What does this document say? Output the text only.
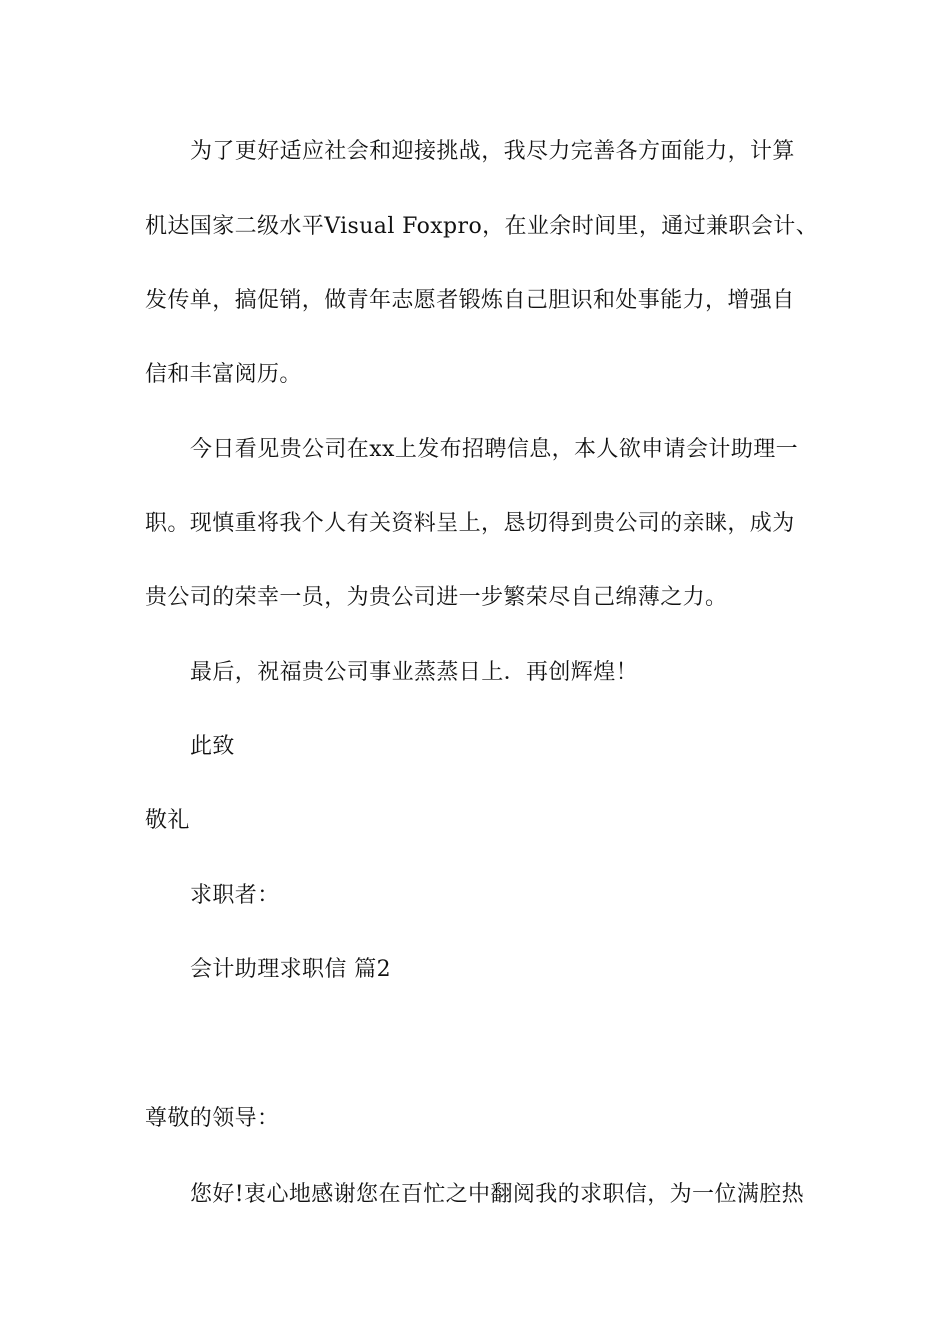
为了更好适应社会和迎接挑战，我尽力完善各方面能力，计算
机达国家二级水平Visual Foxpro，在业余时间里，通过兼职会计、
发传单，搞促销，做青年志愿者锻炼自己胆识和处事能力，增强自
信和丰富阅历。
今日看见贵公司在xx上发布招聘信息，本人欲申请会计助理一
职。现慎重将我个人有关资料呈上，恳切得到贵公司的亲睐，成为
贵公司的荣幸一员，为贵公司进一步繁荣尽自己绵薄之力。
最后，祝福贵公司事业蒸蒸日上．再创辉煌！
此致
敬礼
求职者：
会计助理求职信 篇2
尊敬的领导：
您好!衷心地感谢您在百忙之中翻阅我的求职信，为一位满腔热
